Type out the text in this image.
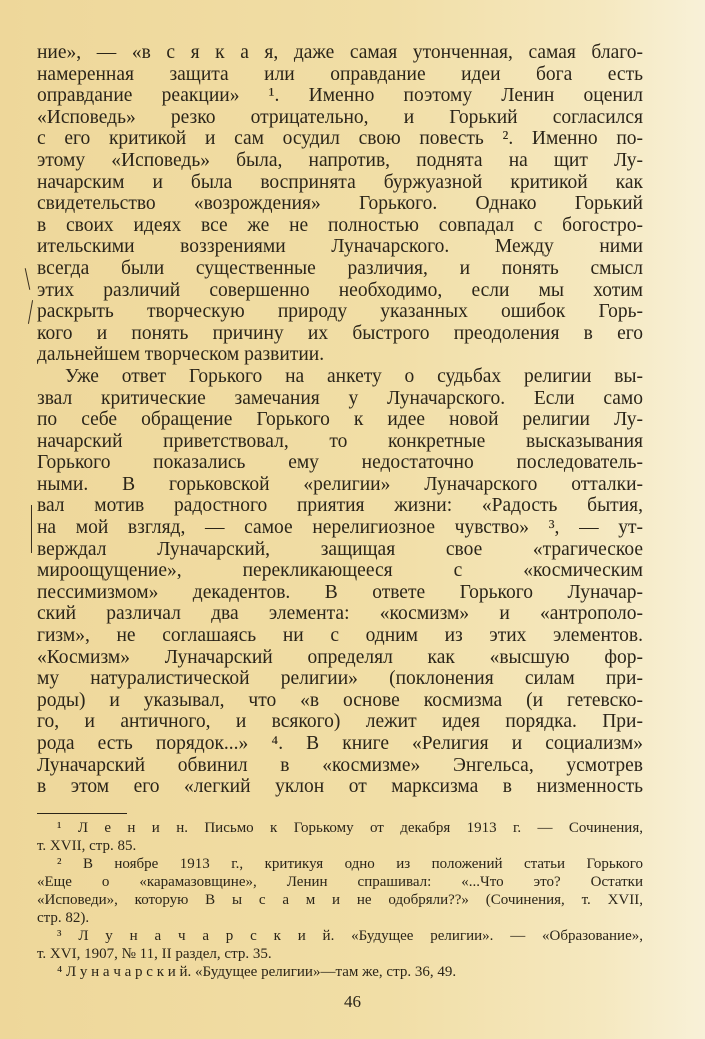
ние», — «в с я к а я, даже самая утонченная, самая благо-
намеренная защита или оправдание идеи бога есть
оправдание реакции» ¹. Именно поэтому Ленин оценил
«Исповедь» резко отрицательно, и Горький согласился
с его критикой и сам осудил свою повесть ². Именно по-
этому «Исповедь» была, напротив, поднята на щит Лу-
начарским и была воспринята буржуазной критикой как
свидетельство «возрождения» Горького. Однако Горький
в своих идеях все же не полностью совпадал с богостро-
ительскими воззрениями Луначарского. Между ними
всегда были существенные различия, и понять смысл
этих различий совершенно необходимо, если мы хотим
раскрыть творческую природу указанных ошибок Горь-
кого и понять причину их быстрого преодоления в его
дальнейшем творческом развитии.
Уже ответ Горького на анкету о судьбах религии вы-
звал критические замечания у Луначарского. Если само
по себе обращение Горького к идее новой религии Лу-
начарский приветствовал, то конкретные высказывания
Горького показались ему недостаточно последователь-
ными. В горьковской «религии» Луначарского отталки-
вал мотив радостного приятия жизни: «Радость бытия,
на мой взгляд, — самое нерелигиозное чувство» ³, — ут-
верждал Луначарский, защищая свое «трагическое
мироощущение», перекликающееся с «космическим
пессимизмом» декадентов. В ответе Горького Луначар-
ский различал два элемента: «космизм» и «антрополо-
гизм», не соглашаясь ни с одним из этих элементов.
«Космизм» Луначарский определял как «высшую фор-
му натуралистической религии» (поклонения силам при-
роды) и указывал, что «в основе космизма (и гетевско-
го, и античного, и всякого) лежит идея порядка. При-
рода есть порядок...» ⁴. В книге «Религия и социализм»
Луначарский обвинил в «космизме» Энгельса, усмотрев
в этом его «легкий уклон от марксизма в низменность
¹ Л е н и н. Письмо к Горькому от декабря 1913 г. — Сочинения,
т. XVII, стр. 85.
² В ноябре 1913 г., критикуя одно из положений статьи Горького
«Еще о «карамазовщине», Ленин спрашивал: «...Что это? Остатки
«Исповеди», которую В ы с а м и не одобряли??» (Сочинения, т. XVII,
стр. 82).
³ Л у н а ч а р с к и й. «Будущее религии». — «Образование»,
т. XVI, 1907, № 11, II раздел, стр. 35.
⁴ Л у н а ч а р с к и й. «Будущее религии»—там же, стр. 36, 49.
46
